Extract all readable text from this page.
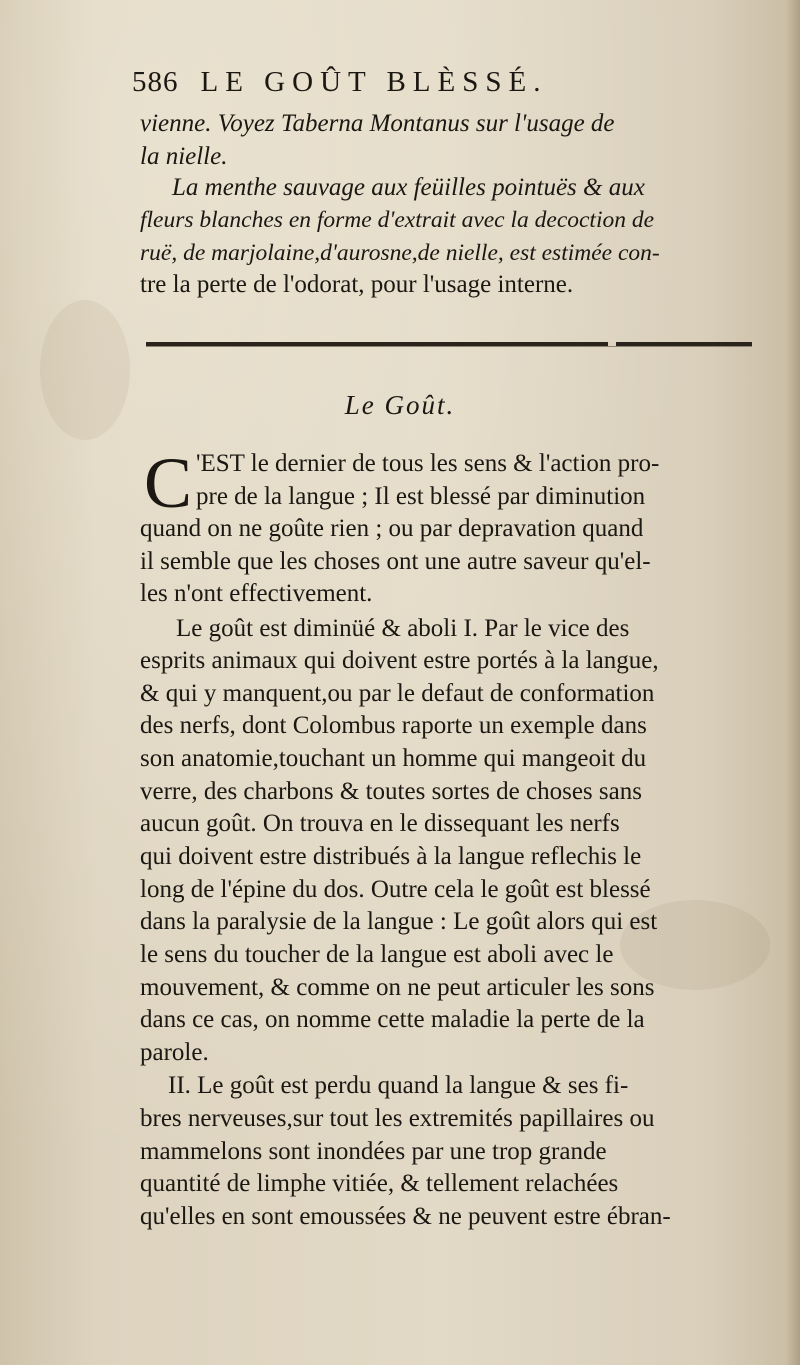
586 LE GOÛT BLÈSSÉ.
vienne. Voyez Taberna Montanus sur l'usage de
la nielle.
La menthe sauvage aux feüilles pointuës & aux
fleurs blanches en forme d'extrait avec la decoction de
ruë, de marjolaine,d'aurosne,de nielle, est estimée con-
tre la perte de l'odorat, pour l'usage interne.
Le Goût.
C 'EST le dernier de tous les sens & l'action pro-
pre de la langue ; Il est blessé par diminution
quand on ne goûte rien ; ou par depravation quand
il semble que les choses ont une autre saveur qu'el-
les n'ont effectivement.
Le goût est diminüé & aboli I. Par le vice des
esprits animaux qui doivent estre portés à la langue,
& qui y manquent,ou par le defaut de conformation
des nerfs, dont Colombus raporte un exemple dans
son anatomie,touchant un homme qui mangeoit du
verre, des charbons & toutes sortes de choses sans
aucun goût. On trouva en le dissequant les nerfs
qui doivent estre distribués à la langue reflechis le
long de l'épine du dos. Outre cela le goût est blessé
dans la paralysie de la langue : Le goût alors qui est
le sens du toucher de la langue est aboli avec le
mouvement, & comme on ne peut articuler les sons
dans ce cas, on nomme cette maladie la perte de la
parole.
II. Le goût est perdu quand la langue & ses fi-
bres nerveuses,sur tout les extremités papillaires ou
mammelons sont inondées par une trop grande
quantité de limphe vitiée, & tellement relachées
qu'elles en sont emoussées & ne peuvent estre ébran-
